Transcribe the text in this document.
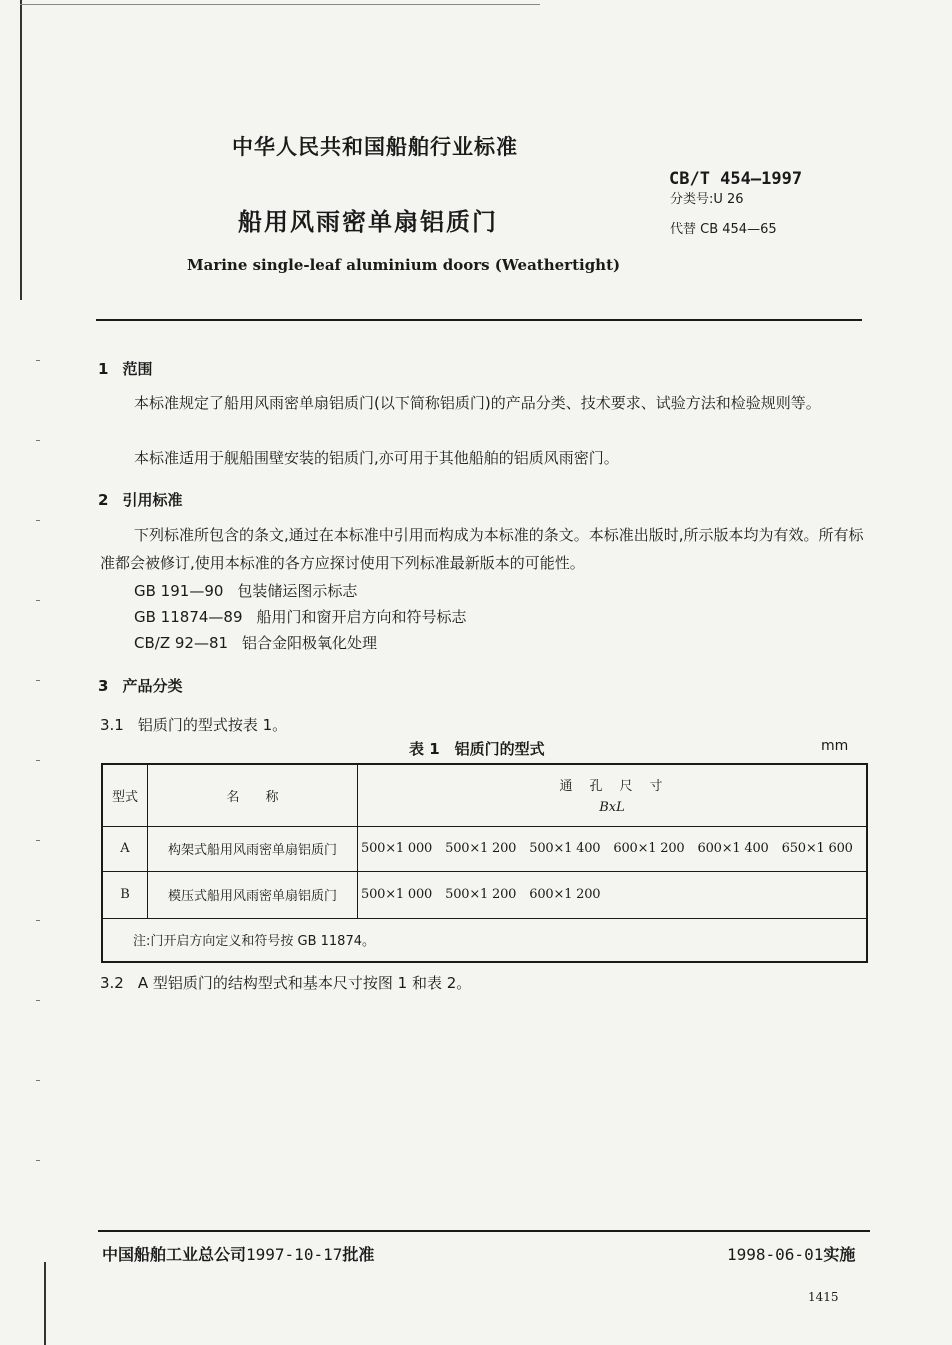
中华人民共和国船舶行业标准
CB/T 454—1997
分类号:U 26
代替 CB 454—65
船用风雨密单扇铝质门
Marine single-leaf aluminium doors (Weathertight)
1 范围
本标准规定了船用风雨密单扇铝质门(以下简称铝质门)的产品分类、技术要求、试验方法和检验规则等。
本标准适用于舰船围壁安装的铝质门,亦可用于其他船舶的铝质风雨密门。
2 引用标准
下列标准所包含的条文,通过在本标准中引用而构成为本标准的条文。本标准出版时,所示版本均为有效。所有标准都会被修订,使用本标准的各方应探讨使用下列标准最新版本的可能性。
GB 191—90 包装储运图示标志
GB 11874—89 船用门和窗开启方向和符号标志
CB/Z 92—81 铝合金阳极氧化处理
3 产品分类
3.1 铝质门的型式按表 1。
表 1　铝质门的型式	mm
型式	名　　称	通　孔　尺　寸
BxL

A	构架式船用风雨密单扇铝质门	500×1 000 500×1 200 500×1 400 600×1 200 600×1 400 650×1 600
B	模压式船用风雨密单扇铝质门	500×1 000 500×1 200 600×1 200
注:门开启方向定义和符号按 GB 11874。		
3.2 A 型铝质门的结构型式和基本尺寸按图 1 和表 2。
中国船舶工业总公司1997-10-17批准	1998-06-01实施
1415
